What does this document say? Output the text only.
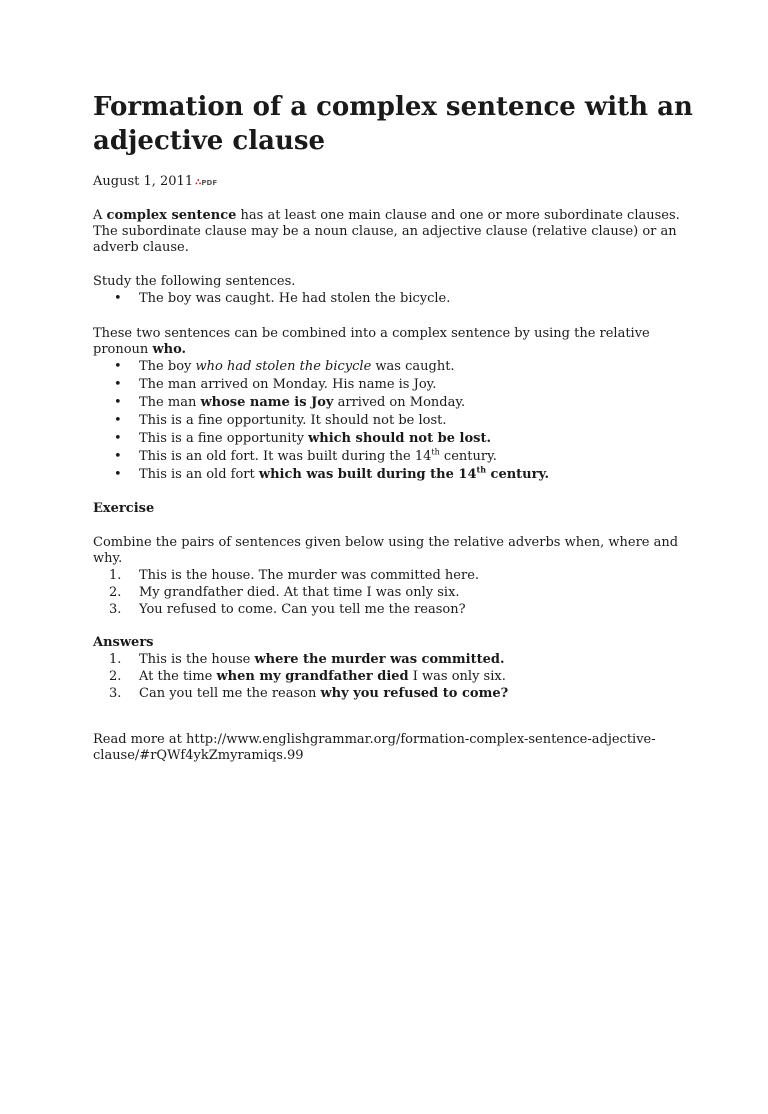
Formation of a complex sentence with an adjective clause
August 1, 2011 ∴PDF

A complex sentence has at least one main clause and one or more subordinate clauses. The subordinate clause may be a noun clause, an adjective clause (relative clause) or an adverb clause.

Study the following sentences.

• The boy was caught. He had stolen the bicycle.

These two sentences can be combined into a complex sentence by using the relative pronoun who.

• The boy who had stolen the bicycle was caught.
• The man arrived on Monday. His name is Joy.
• The man whose name is Joy arrived on Monday.
• This is a fine opportunity. It should not be lost.
• This is a fine opportunity which should not be lost.
• This is an old fort. It was built during the 14th century.
• This is an old fort which was built during the 14th century.
Exercise

Combine the pairs of sentences given below using the relative adverbs when, where and why.

1. This is the house. The murder was committed here.
2. My grandfather died. At that time I was only six.
3. You refused to come. Can you tell me the reason?
Answers
1. This is the house where the murder was committed.
2. At the time when my grandfather died I was only six.
3. Can you tell me the reason why you refused to come?

Read more at http://www.englishgrammar.org/formation-complex-sentence-adjective-clause/#rQWf4ykZmyramiqs.99
